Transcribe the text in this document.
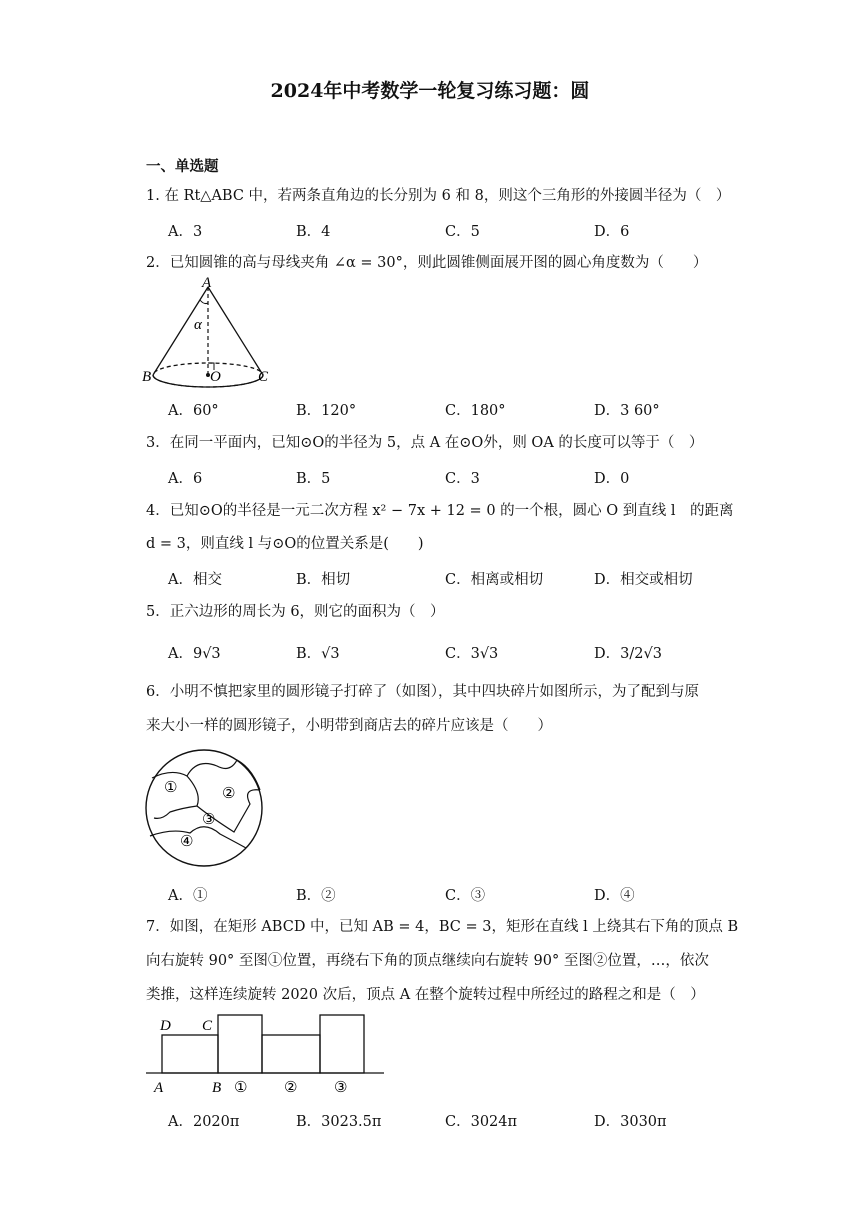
2024年中考数学一轮复习练习题：圆
一、单选题
1. 在 Rt△ABC 中，若两条直角边的长分别为 6 和 8，则这个三角形的外接圆半径为（　）
A．3	B．4	C．5	D．6
2．已知圆锥的高与母线夹角 ∠α = 30°，则此圆锥侧面展开图的圆心角度数为（　　）
A
α
B	O C
A．60°	B．120°	C．180°	D．3 60°
3．在同一平面内，已知⊙O的半径为 5，点 A 在⊙O外，则 OA 的长度可以等于（　）
A．6	B．5	C．3	D．0
4．已知⊙O的半径是一元二次方程 x² − 7x + 12 = 0 的一个根，圆心 O 到直线 l　的距离
d = 3，则直线 l 与⊙O的位置关系是(　　)
A．相交	B．相切	C．相离或相切	D．相交或相切
5．正六边形的周长为 6，则它的面积为（　）
A．9√3	B．√3	C．3√3	D．3/2√3
6．小明不慎把家里的圆形镜子打碎了（如图），其中四块碎片如图所示，为了配到与原
来大小一样的圆形镜子，小明带到商店去的碎片应该是（　　）
①	②
③
④
A．①	B．②	C．③	D．④
7．如图，在矩形 ABCD 中，已知 AB = 4，BC = 3，矩形在直线 l 上绕其右下角的顶点 B
向右旋转 90° 至图①位置，再绕右下角的顶点继续向右旋转 90° 至图②位置，…，依次
类推，这样连续旋转 2020 次后，顶点 A 在整个旋转过程中所经过的路程之和是（　）
D C
A	B ① ② ③
A．2020π	B．3023.5π	C．3024π	D．3030π
